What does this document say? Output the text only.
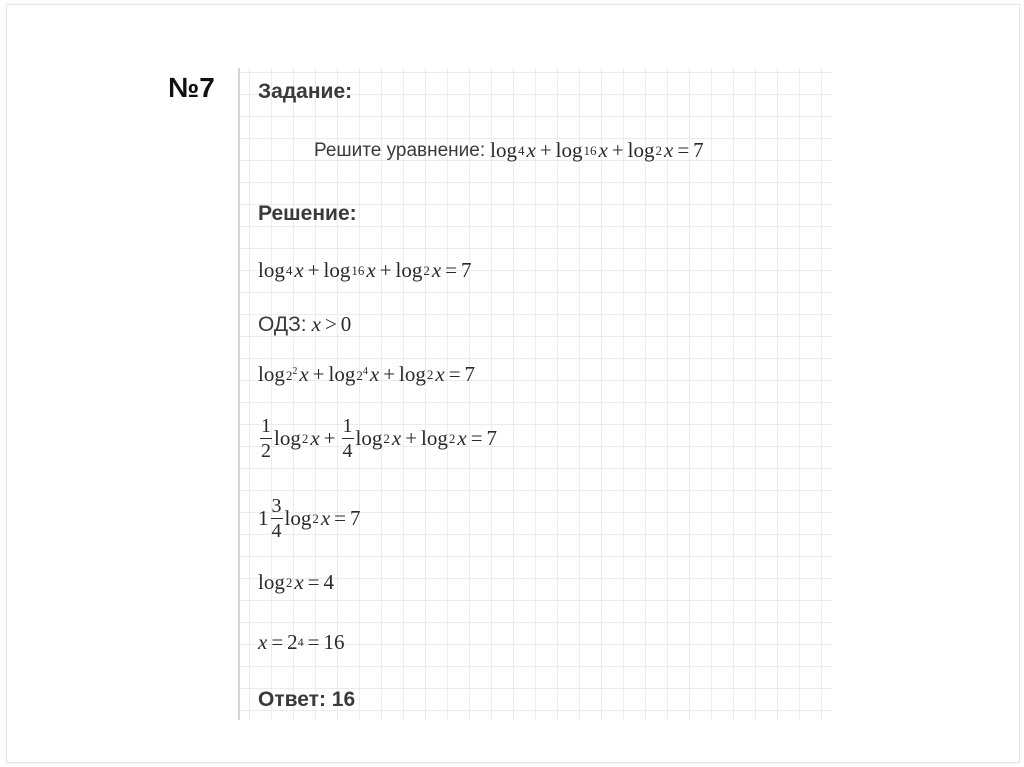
№7 Задание:
Решите уравнение: log 4 x + log 16 x + log 2 x = 7
Решение:
log 4 x + log 16 x + log 2 x = 7
ОДЗ: x > 0
$\log 2^2$ $x + \log 2^4$ x + log 2 x = 7
$\frac{1}{2}$ log 2 $x + \frac{1}{4}$ log 2 x + log 2 x = 7
$1 \frac{3}{4}$ log 2 x = 7
log 2 x = 4
x = 2 4 = 16
Ответ: 16
